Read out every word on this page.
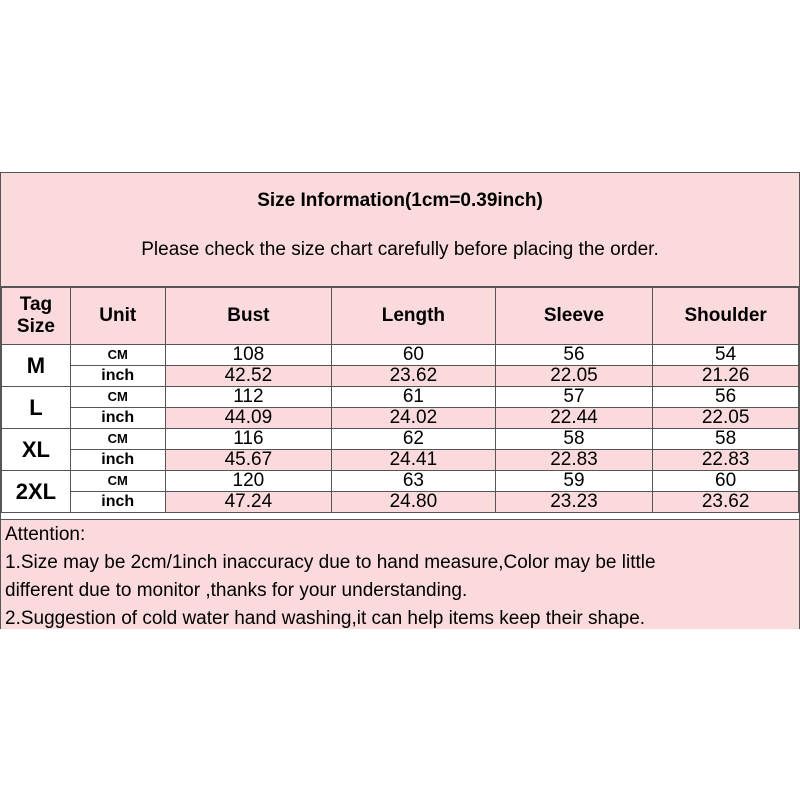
Size Information(1cm=0.39inch)
Please check the size chart carefully before placing the order.
Tag
Size	Unit	Bust	Length	Sleeve	Shoulder
M	CM	108	60	56	54
	inch	42.52	23.62	22.05	21.26
L	CM	112	61	57	56
	inch	44.09	24.02	22.44	22.05
XL	CM	116	62	58	58
	inch	45.67	24.41	22.83	22.83
2XL	CM	120	63	59	60
	inch	47.24	24.80	23.23	23.62
Attention:
1.Size may be 2cm/1inch inaccuracy due to hand measure,Color may be little
different due to monitor ,thanks for your understanding.
2.Suggestion of cold water hand washing,it can help items keep their shape.
